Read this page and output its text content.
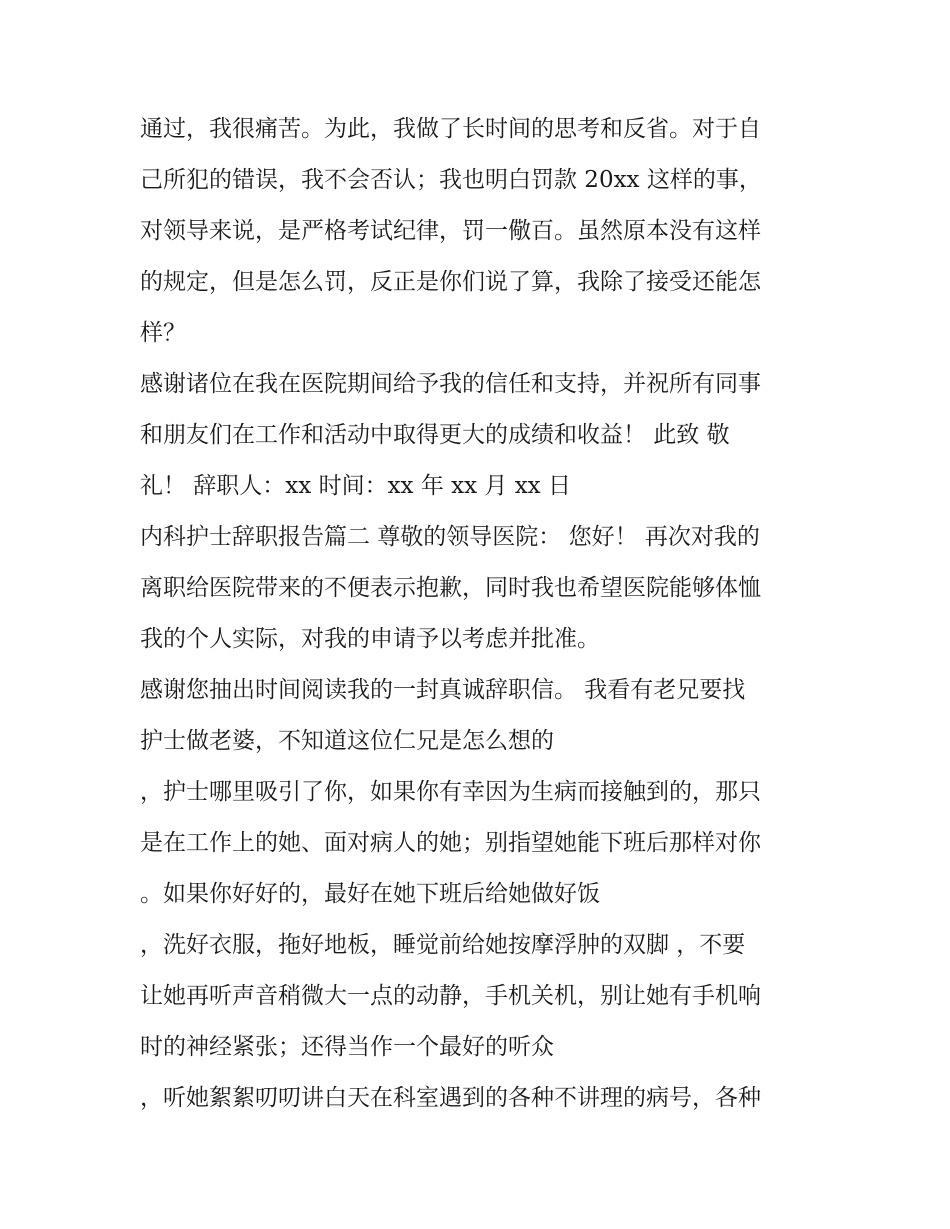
通过，我很痛苦。为此，我做了长时间的思考和反省。对于自
己所犯的错误，我不会否认；我也明白罚款 20xx 这样的事，
对领导来说，是严格考试纪律，罚一儆百。虽然原本没有这样
的规定，但是怎么罚，反正是你们说了算，我除了接受还能怎
样？
感谢诸位在我在医院期间给予我的信任和支持，并祝所有同事
和朋友们在工作和活动中取得更大的成绩和收益！ 此致 敬
礼！ 辞职人：xx 时间：xx 年 xx 月 xx 日
内科护士辞职报告篇二 尊敬的领导医院： 您好！ 再次对我的
离职给医院带来的不便表示抱歉，同时我也希望医院能够体恤
我的个人实际，对我的申请予以考虑并批准。
感谢您抽出时间阅读我的一封真诚辞职信。 我看有老兄要找
护士做老婆，不知道这位仁兄是怎么想的
，护士哪里吸引了你，如果你有幸因为生病而接触到的，那只
是在工作上的她、面对病人的她；别指望她能下班后那样对你
。如果你好好的，最好在她下班后给她做好饭
，洗好衣服，拖好地板，睡觉前给她按摩浮肿的双脚 ，不要
让她再听声音稍微大一点的动静，手机关机，别让她有手机响
时的神经紧张；还得当作一个最好的听众
，听她絮絮叨叨讲白天在科室遇到的各种不讲理的病号，各种
